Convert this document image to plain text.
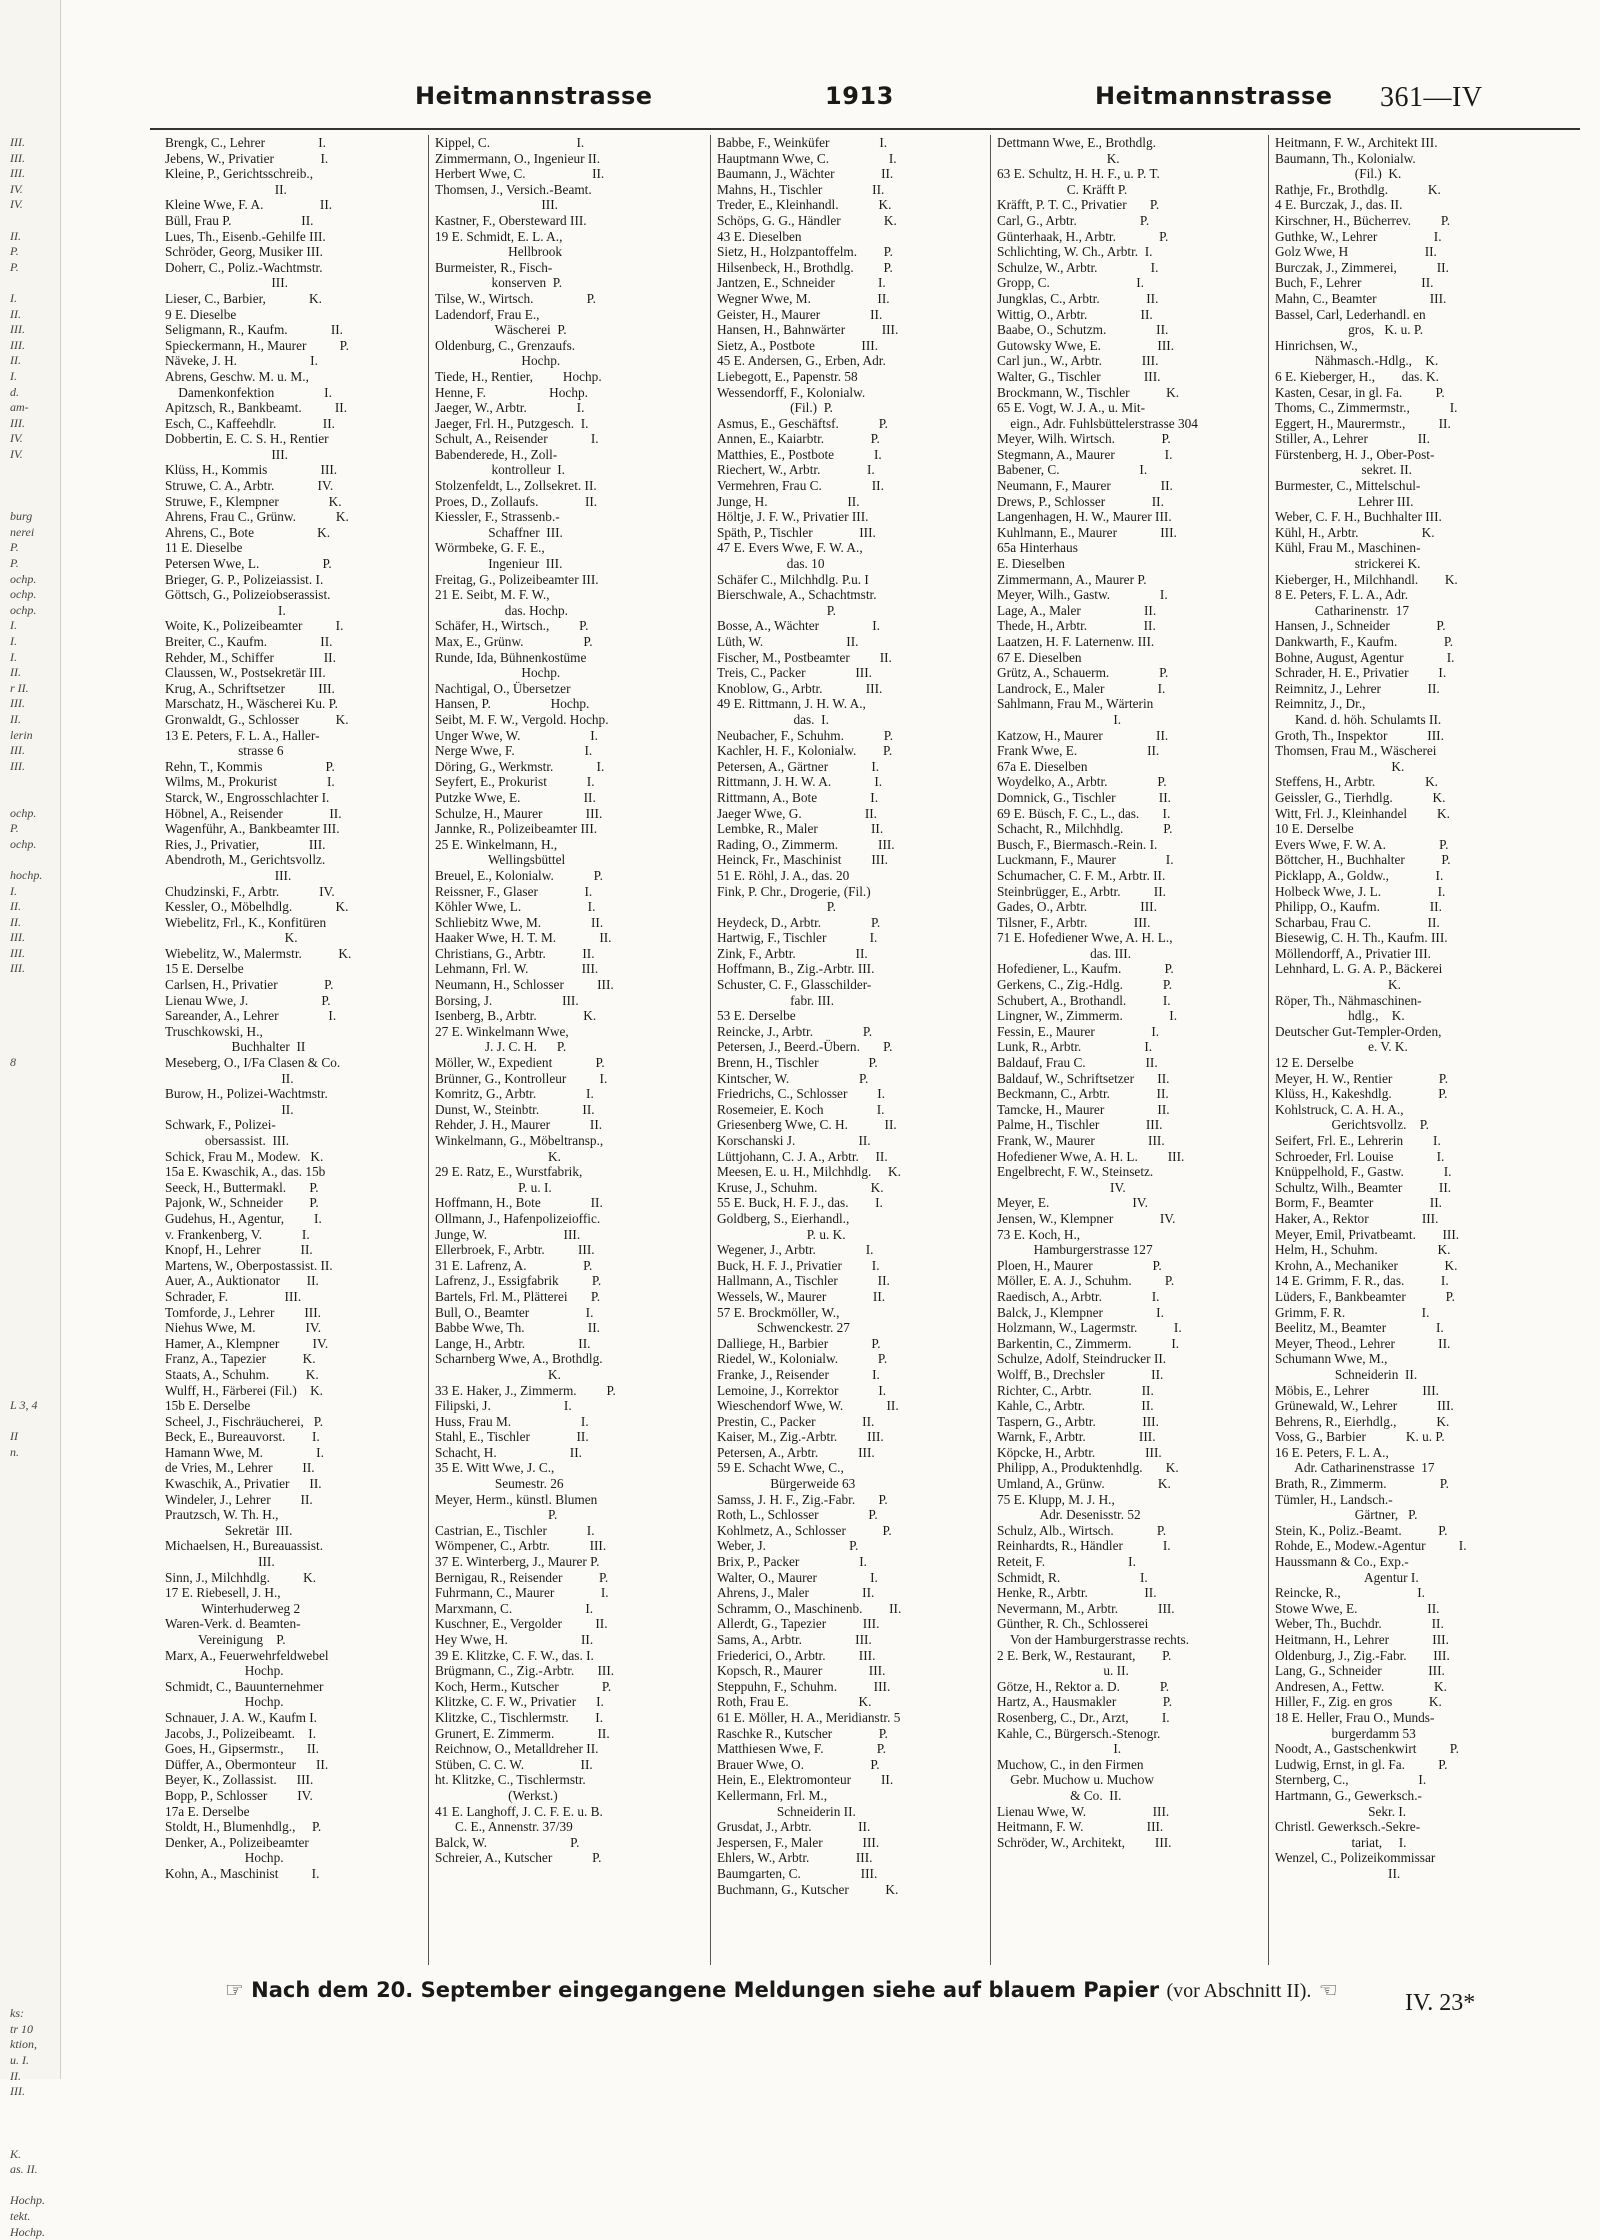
III.
III.
III.
IV.
IV.

II.
P.
P.

I.
II.
III.
III.
II.
I.
d.
am-
III.
IV.
IV.

burg
nerei
P.
P.
ochp.
ochp.
ochp.
I.
I.
I.
II.
r II.
III.
II.
lerin
III.
III.

ochp.
P.
ochp.

hochp.
I.
II.
II.
III.
III.
III.

8

L 3, 4

II
n.

ks:
tr 10
ktion,
u. I.
II.
III.

K.
as. II.

Hochp.
tekt.
Hochp.
Heitmannstrasse	1913	Heitmannstrasse 361—IV
Brengk, C., Lehrer                I.
Jebens, W., Privatier              I.
Kleine, P., Gerichtsschreib.,
II.
Kleine Wwe, F. A.                 II.
Büll, Frau P.                     II.
Lues, Th., Eisenb.-Gehilfe III.
Schröder, Georg, Musiker III.
Doherr, C., Poliz.-Wachtmstr.
III.
Lieser, C., Barbier,             K.
9 E. Dieselbe
Seligmann, R., Kaufm.             II.
Spieckermann, H., Maurer          P.
Näveke, J. H.                      I.
Abrens, Geschw. M. u. M.,
Damenkonfektion               I.
Apitzsch, R., Bankbeamt.          II.
Esch, C., Kaffeehdlr.              II.
Dobbertin, E. C. S. H., Rentier
III.
Klüss, H., Kommis                III.
Struwe, C. A., Arbtr.             IV.
Struwe, F., Klempner               K.
Ahrens, Frau C., Grünw.            K.
Ahrens, C., Bote                   K.
11 E. Dieselbe
Petersen Wwe, L.                   P.
Brieger, G. P., Polizeiassist. I.
Göttsch, G., Polizeiobserassist.
I.
Woite, K., Polizeibeamter          I.
Breiter, C., Kaufm.                II.
Rehder, M., Schiffer               II.
Claussen, W., Postsekretär III.
Krug, A., Schriftsetzer          III.
Marschatz, H., Wäscherei Ku. P.
Gronwaldt, G., Schlosser           K.
13 E. Peters, F. L. A., Haller-
strasse 6
Rehn, T., Kommis                   P.
Wilms, M., Prokurist               I.
Starck, W., Engrosschlachter I.
Höbnel, A., Reisender              II.
Wagenführ, A., Bankbeamter III.
Ries, J., Privatier,               III.
Abendroth, M., Gerichtsvollz.
III.
Chudzinski, F., Arbtr.            IV.
Kessler, O., Möbelhdlg.             K.
Wiebelitz, Frl., K., Konfitüren
K.
Wiebelitz, W., Malermstr.           K.
15 E. Derselbe
Carlsen, H., Privatier              P.
Lienau Wwe, J.                      P.
Sareander, A., Lehrer               I.
Truschkowski, H.,
Buchhalter  II
Meseberg, O., I/Fa Clasen & Co.
II.
Burow, H., Polizei-Wachtmstr.
II.
Schwark, F., Polizei-
obersassist.  III.
Schick, Frau M., Modew.   K.
15a E. Kwaschik, A., das. 15b
Seeck, H., Buttermakl.       P.
Pajonk, W., Schneider        P.
Gudehus, H., Agentur,         I.
v. Frankenberg, V.            I.
Knopf, H., Lehrer            II.
Martens, W., Oberpostassist. II.
Auer, A., Auktionator        II.
Schrader, F.                 III.
Tomforde, J., Lehrer         III.
Niehus Wwe, M.               IV.
Hamer, A., Klempner          IV.
Franz, A., Tapezier           K.
Staats, A., Schuhm.           K.
Wulff, H., Färberei (Fil.)    K.
15b E. Derselbe
Scheel, J., Fischräucherei,   P.
Beck, E., Bureauvorst.        I.
Hamann Wwe, M.                I.
de Vries, M., Lehrer         II.
Kwaschik, A., Privatier      II.
Windeler, J., Lehrer         II.
Prautzsch, W. Th. H.,
Sekretär  III.
Michaelsen, H., Bureauassist.
III.
Sinn, J., Milchhdlg.          K.
17 E. Riebesell, J. H.,
Winterhuderweg 2
Waren-Verk. d. Beamten-
Vereinigung    P.
Marx, A., Feuerwehrfeldwebel
Hochp.
Schmidt, C., Bauunternehmer
Hochp.
Schnauer, J. A. W., Kaufm I.
Jacobs, J., Polizeibeamt.    I.
Goes, H., Gipsermstr.,       II.
Düffer, A., Obermonteur      II.
Beyer, K., Zollassist.      III.
Bopp, P., Schlosser         IV.
17a E. Derselbe
Stoldt, H., Blumenhdlg.,     P.
Denker, A., Polizeibeamter
Hochp.
Kohn, A., Maschinist          I.
Kippel, C.                          I.
Zimmermann, O., Ingenieur II.
Herbert Wwe, C.                    II.
Thomsen, J., Versich.-Beamt.
III.
Kastner, F., Obersteward III.
19 E. Schmidt, E. L. A.,
Hellbrook
Burmeister, R., Fisch-
konserven  P.
Tilse, W., Wirtsch.                P.
Ladendorf, Frau E.,
Wäscherei  P.
Oldenburg, C., Grenzaufs.
Hochp.
Tiede, H., Rentier,         Hochp.
Henne, F.                   Hochp.
Jaeger, W., Arbtr.               I.
Jaeger, Frl. H., Putzgesch.  I.
Schult, A., Reisender             I.
Babenderede, H., Zoll-
kontrolleur  I.
Stolzenfeldt, L., Zollsekret. II.
Proes, D., Zollaufs.              II.
Kiessler, F., Strassenb.-
Schaffner  III.
Wörmbeke, G. F. E.,
Ingenieur  III.
Freitag, G., Polizeibeamter III.
21 E. Seibt, M. F. W.,
das. Hochp.
Schäfer, H., Wirtsch.,         P.
Max, E., Grünw.                  P.
Runde, Ida, Bühnenkostüme
Hochp.
Nachtigal, O., Übersetzer
Hansen, P.                  Hochp.
Seibt, M. F. W., Vergold. Hochp.
Unger Wwe, W.                     I.
Nerge Wwe, F.                     I.
Döring, G., Werkmstr.             I.
Seyfert, E., Prokurist            I.
Putzke Wwe, E.                   II.
Schulze, H., Maurer             III.
Jannke, R., Polizeibeamter III.
25 E. Winkelmann, H.,
Wellingsbüttel
Breuel, E., Kolonialw.            P.
Reissner, F., Glaser              I.
Köhler Wwe, L.                    I.
Schliebitz Wwe, M.               II.
Haaker Wwe, H. T. M.             II.
Christians, G., Arbtr.           II.
Lehmann, Frl. W.                III.
Neumann, H., Schlosser          III.
Borsing, J.                     III.
Isenberg, B., Arbtr.              K.
27 E. Winkelmann Wwe,
J. J. C. H.      P.
Möller, W., Expedient             P.
Brünner, G., Kontrolleur          I.
Komritz, G., Arbtr.               I.
Dunst, W., Steinbtr.             II.
Rehder, J. H., Maurer            II.
Winkelmann, G., Möbeltransp.,
K.
29 E. Ratz, E., Wurstfabrik,
P. u. I.
Hoffmann, H., Bote               II.
Ollmann, J., Hafenpolizeioffic.
Junge, W.                       III.
Ellerbroek, F., Arbtr.          III.
31 E. Lafrenz, A.                 P.
Lafrenz, J., Essigfabrik          P.
Bartels, Frl. M., Plätterei       P.
Bull, O., Beamter                 I.
Babbe Wwe, Th.                   II.
Lange, H., Arbtr.                II.
Scharnberg Wwe, A., Brothdlg.
K.
33 E. Haker, J., Zimmerm.         P.
Filipski, J.                      I.
Huss, Frau M.                     I.
Stahl, E., Tischler              II.
Schacht, H.                      II.
35 E. Witt Wwe, J. C.,
Seumestr. 26
Meyer, Herm., künstl. Blumen
P.
Castrian, E., Tischler            I.
Wömpener, C., Arbtr.            III.
37 E. Winterberg, J., Maurer P.
Bernigau, R., Reisender           P.
Fuhrmann, C., Maurer              I.
Marxmann, C.                      I.
Kuschner, E., Vergolder          II.
Hey Wwe, H.                      II.
39 E. Klitzke, C. F. W., das. I.
Brügmann, C., Zig.-Arbtr.       III.
Koch, Herm., Kutscher             P.
Klitzke, C. F. W., Privatier      I.
Klitzke, C., Tischlermstr.        I.
Grunert, E. Zimmerm.             II.
Reichnow, O., Metalldreher II.
Stüben, C. C. W.                 II.
ht. Klitzke, C., Tischlermstr.
(Werkst.)
41 E. Langhoff, J. C. F. E. u. B.
C. E., Annenstr. 37/39
Balck, W.                         P.
Schreier, A., Kutscher            P.
Babbe, F., Weinküfer               I.
Hauptmann Wwe, C.                  I.
Baumann, J., Wächter              II.
Mahns, H., Tischler               II.
Treder, E., Kleinhandl.            K.
Schöps, G. G., Händler             K.
43 E. Dieselben
Sietz, H., Holzpantoffelm.        P.
Hilsenbeck, H., Brothdlg.         P.
Jantzen, E., Schneider             I.
Wegner Wwe, M.                    II.
Geister, H., Maurer               II.
Hansen, H., Bahnwärter           III.
Sietz, A., Postbote              III.
45 E. Andersen, G., Erben, Adr.
Liebegott, E., Papenstr. 58
Wessendorff, F., Kolonialw.
(Fil.)  P.
Asmus, E., Geschäftsf.            P.
Annen, E., Kaiarbtr.              P.
Matthies, E., Postbote            I.
Riechert, W., Arbtr.              I.
Vermehren, Frau C.               II.
Junge, H.                        II.
Höltje, J. F. W., Privatier III.
Späth, P., Tischler              III.
47 E. Evers Wwe, F. W. A.,
das. 10
Schäfer C., Milchhdlg. P.u. I
Bierschwale, A., Schachtmstr.
P.
Bosse, A., Wächter                I.
Lüth, W.                         II.
Fischer, M., Postbeamter         II.
Treis, C., Packer               III.
Knoblow, G., Arbtr.             III.
49 E. Rittmann, J. H. W. A.,
das.  I.
Neubacher, F., Schuhm.            P.
Kachler, H. F., Kolonialw.        P.
Petersen, A., Gärtner             I.
Rittmann, J. H. W. A.             I.
Rittmann, A., Bote                I.
Jaeger Wwe, G.                   II.
Lembke, R., Maler                II.
Rading, O., Zimmerm.            III.
Heinck, Fr., Maschinist         III.
51 E. Röhl, J. A., das. 20
Fink, P. Chr., Drogerie, (Fil.)
P.
Heydeck, D., Arbtr.               P.
Hartwig, F., Tischler             I.
Zink, F., Arbtr.                  II.
Hoffmann, B., Zig.-Arbtr. III.
Schuster, C. F., Glasschilder-
fabr. III.
53 E. Derselbe
Reincke, J., Arbtr.               P.
Petersen, J., Beerd.-Übern.       P.
Brenn, H., Tischler               P.
Kintscher, W.                     P.
Friedrichs, C., Schlosser         I.
Rosemeier, E. Koch                I.
Griesenberg Wwe, C. H.           II.
Korschanski J.                   II.
Lüttjohann, C. J. A., Arbtr.     II.
Meesen, E. u. H., Milchhdlg.     K.
Kruse, J., Schuhm.                K.
55 E. Buck, H. F. J., das.        I.
Goldberg, S., Eierhandl.,
P. u. K.
Wegener, J., Arbtr.               I.
Buck, H. F. J., Privatier         I.
Hallmann, A., Tischler            II.
Wessels, W., Maurer              II.
57 E. Brockmöller, W.,
Schwenckestr. 27
Dalliege, H., Barbier             P.
Riedel, W., Kolonialw.            P.
Franke, J., Reisender             I.
Lemoine, J., Korrektor            I.
Wieschendorf Wwe, W.             II.
Prestin, C., Packer              II.
Kaiser, M., Zig.-Arbtr.         III.
Petersen, A., Arbtr.            III.
59 E. Schacht Wwe, C.,
Bürgerweide 63
Samss, J. H. F., Zig.-Fabr.       P.
Roth, L., Schlosser               P.
Kohlmetz, A., Schlosser           P.
Weber, J.                         P.
Brix, P., Packer                  I.
Walter, O., Maurer                I.
Ahrens, J., Maler                II.
Schramm, O., Maschinenb.        II.
Allerdt, G., Tapezier           III.
Sams, A., Arbtr.                III.
Friederici, O., Arbtr.          III.
Kopsch, R., Maurer              III.
Steppuhn, F., Schuhm.           III.
Roth, Frau E.                     K.
61 E. Möller, H. A., Meridianstr. 5
Raschke R., Kutscher              P.
Matthiesen Wwe, F.                P.
Brauer Wwe, O.                    P.
Hein, E., Elektromonteur         II.
Kellermann, Frl. M.,
Schneiderin II.
Grusdat, J., Arbtr.              II.
Jespersen, F., Maler            III.
Ehlers, W., Arbtr.              III.
Baumgarten, C.                  III.
Buchmann, G., Kutscher           K.
Dettmann Wwe, E., Brothdlg.
K.
63 E. Schultz, H. H. F., u. P. T.
C. Kräfft P.
Kräfft, P. T. C., Privatier       P.
Carl, G., Arbtr.                   P.
Günterhaak, H., Arbtr.             P.
Schlichting, W. Ch., Arbtr.  I.
Schulze, W., Arbtr.                I.
Gropp, C.                          I.
Jungklas, C., Arbtr.              II.
Wittig, O., Arbtr.                II.
Baabe, O., Schutzm.               II.
Gutowsky Wwe, E.                 III.
Carl jun., W., Arbtr.            III.
Walter, G., Tischler             III.
Brockmann, W., Tischler           K.
65 E. Vogt, W. J. A., u. Mit-
eign., Adr. Fuhlsbüttelerstrasse 304
Meyer, Wilh. Wirtsch.              P.
Stegmann, A., Maurer               I.
Babener, C.                        I.
Neumann, F., Maurer               II.
Drews, P., Schlosser              II.
Langenhagen, H. W., Maurer III.
Kuhlmann, E., Maurer             III.
65a Hinterhaus
E. Dieselben
Zimmermann, A., Maurer P.
Meyer, Wilh., Gastw.               I.
Lage, A., Maler                   II.
Thede, H., Arbtr.                 II.
Laatzen, H. F. Laternenw. III.
67 E. Dieselben
Grütz, A., Schauerm.               P.
Landrock, E., Maler                I.
Sahlmann, Frau M., Wärterin
I.
Katzow, H., Maurer                II.
Frank Wwe, E.                     II.
67a E. Dieselben
Woydelko, A., Arbtr.               P.
Domnick, G., Tischler             II.
69 E. Büsch, F. C., L., das.       I.
Schacht, R., Milchhdlg.            P.
Busch, F., Biermasch.-Rein. I.
Luckmann, F., Maurer               I.
Schumacher, C. F. M., Arbtr. II.
Steinbrügger, E., Arbtr.          II.
Gades, O., Arbtr.                III.
Tilsner, F., Arbtr.              III.
71 E. Hofediener Wwe, A. H. L.,
das. III.
Hofediener, L., Kaufm.             P.
Gerkens, C., Zig.-Hdlg.            P.
Schubert, A., Brothandl.           I.
Lingner, W., Zimmerm.              I.
Fessin, E., Maurer                 I.
Lunk, R., Arbtr.                   I.
Baldauf, Frau C.                  II.
Baldauf, W., Schriftsetzer       II.
Beckmann, C., Arbtr.              II.
Tamcke, H., Maurer                II.
Palme, H., Tischler              III.
Frank, W., Maurer                III.
Hofediener Wwe, A. H. L.         III.
Engelbrecht, F. W., Steinsetz.
IV.
Meyer, E.                         IV.
Jensen, W., Klempner              IV.
73 E. Koch, H.,
Hamburgerstrasse 127
Ploen, H., Maurer                  P.
Möller, E. A. J., Schuhm.          P.
Raedisch, A., Arbtr.               I.
Balck, J., Klempner                I.
Holzmann, W., Lagermstr.           I.
Barkentin, C., Zimmerm.            I.
Schulze, Adolf, Steindrucker II.
Wolff, B., Drechsler              II.
Richter, C., Arbtr.               II.
Kahle, C., Arbtr.                 II.
Taspern, G., Arbtr.              III.
Warnk, F., Arbtr.                III.
Köpcke, H., Arbtr.               III.
Philipp, A., Produktenhdlg.       K.
Umland, A., Grünw.                K.
75 E. Klupp, M. J. H.,
Adr. Desenisstr. 52
Schulz, Alb., Wirtsch.             P.
Reinhardts, R., Händler            I.
Reteit, F.                         I.
Schmidt, R.                        I.
Henke, R., Arbtr.                 II.
Nevermann, M., Arbtr.            III.
Günther, R. Ch., Schlosserei
Von der Hamburgerstrasse rechts.
2 E. Berk, W., Restaurant,        P.
u. II.
Götze, H., Rektor a. D.            P.
Hartz, A., Hausmakler              P.
Rosenberg, C., Dr., Arzt,          I.
Kahle, C., Bürgersch.-Stenogr.
I.
Muchow, C., in den Firmen
Gebr. Muchow u. Muchow
& Co.  II.
Lienau Wwe, W.                    III.
Heitmann, F. W.                   III.
Schröder, W., Architekt,         III.
Heitmann, F. W., Architekt III.
Baumann, Th., Kolonialw.
(Fil.)  K.
Rathje, Fr., Brothdlg.            K.
4 E. Burczak, J., das. II.
Kirschner, H., Bücherrev.         P.
Guthke, W., Lehrer                 I.
Golz Wwe, H                       II.
Burczak, J., Zimmerei,            II.
Buch, F., Lehrer                  II.
Mahn, C., Beamter                III.
Bassel, Carl, Lederhandl. en
gros,   K. u. P.
Hinrichsen, W.,
Nähmasch.-Hdlg.,    K.
6 E. Kieberger, H.,        das. K.
Kasten, Cesar, in gl. Fa.          P.
Thoms, C., Zimmermstr.,            I.
Eggert, H., Maurermstr.,          II.
Stiller, A., Lehrer               II.
Fürstenberg, H. J., Ober-Post-
sekret. II.
Burmester, C., Mittelschul-
Lehrer III.
Weber, C. F. H., Buchhalter III.
Kühl, H., Arbtr.                   K.
Kühl, Frau M., Maschinen-
strickerei K.
Kieberger, H., Milchhandl.        K.
8 E. Peters, F. L. A., Adr.
Catharinenstr.  17
Hansen, J., Schneider              P.
Dankwarth, F., Kaufm.              P.
Bohne, August, Agentur             I.
Schrader, H. E., Privatier         I.
Reimnitz, J., Lehrer              II.
Reimnitz, J., Dr.,
Kand. d. höh. Schulamts II.
Groth, Th., Inspektor            III.
Thomsen, Frau M., Wäscherei
K.
Steffens, H., Arbtr.               K.
Geissler, G., Tierhdlg.            K.
Witt, Frl. J., Kleinhandel         K.
10 E. Derselbe
Evers Wwe, F. W. A.                P.
Böttcher, H., Buchhalter           P.
Picklapp, A., Goldw.,              I.
Holbeck Wwe, J. L.                 I.
Philipp, O., Kaufm.               II.
Scharbau, Frau C.                 II.
Biesewig, C. H. Th., Kaufm. III.
Möllendorff, A., Privatier III.
Lehnhard, L. G. A. P., Bäckerei
K.
Röper, Th., Nähmaschinen-
hdlg.,    K.
Deutscher Gut-Templer-Orden,
e. V. K.
12 E. Derselbe
Meyer, H. W., Rentier              P.
Klüss, H., Kakeshdlg.              P.
Kohlstruck, C. A. H. A.,
Gerichtsvollz.    P.
Seifert, Frl. E., Lehrerin         I.
Schroeder, Frl. Louise             I.
Knüppelhold, F., Gastw.            I.
Schultz, Wilh., Beamter           II.
Borm, F., Beamter                 II.
Haker, A., Rektor                III.
Meyer, Emil, Privatbeamt.        III.
Helm, H., Schuhm.                  K.
Krohn, A., Mechaniker              K.
14 E. Grimm, F. R., das.           I.
Lüders, F., Bankbeamter            P.
Grimm, F. R.                       I.
Beelitz, M., Beamter               I.
Meyer, Theod., Lehrer             II.
Schumann Wwe, M.,
Schneiderin  II.
Möbis, E., Lehrer                III.
Grünewald, W., Lehrer            III.
Behrens, R., Eierhdlg.,            K.
Voss, G., Barbier            K. u. P.
16 E. Peters, F. L. A.,
Adr. Catharinenstrasse  17
Brath, R., Zimmerm.                P.
Tümler, H., Landsch.-
Gärtner,   P.
Stein, K., Poliz.-Beamt.           P.
Rohde, E., Modew.-Agentur          I.
Haussmann & Co., Exp.-
Agentur I.
Reincke, R.,                       I.
Stowe Wwe, E.                     II.
Weber, Th., Buchdr.               II.
Heitmann, H., Lehrer             III.
Oldenburg, J., Zig.-Fabr.        III.
Lang, G., Schneider              III.
Andresen, A., Fettw.               K.
Hiller, F., Zig. en gros           K.
18 E. Heller, Frau O., Munds-
burgerdamm 53
Noodt, A., Gastschenkwirt          P.
Ludwig, Ernst, in gl. Fa.          P.
Sternberg, C.,                     I.
Hartmann, G., Gewerksch.-
Sekr. I.
Christl. Gewerksch.-Sekre-
tariat,     I.
Wenzel, C., Polizeikommissar
II.
☞ Nach dem 20. September eingegangene Meldungen siehe auf blauem Papier (vor Abschnitt II). ☜	IV. 23*
